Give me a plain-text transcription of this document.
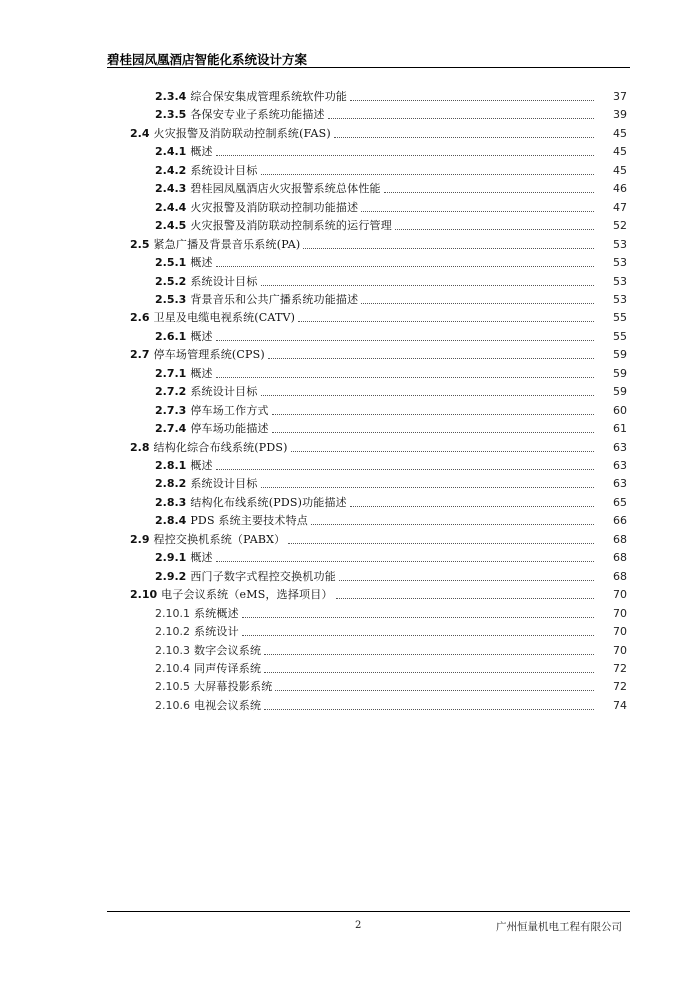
碧桂园凤凰酒店智能化系统设计方案
2.3.4 综合保安集成管理系统软件功能	37
2.3.5 各保安专业子系统功能描述	39
2.4 火灾报警及消防联动控制系统(FAS)	45
2.4.1 概述	45
2.4.2 系统设计目标	45
2.4.3 碧桂园凤凰酒店火灾报警系统总体性能	46
2.4.4 火灾报警及消防联动控制功能描述	47
2.4.5 火灾报警及消防联动控制系统的运行管理	52
2.5 紧急广播及背景音乐系统(PA)	53
2.5.1 概述	53
2.5.2 系统设计目标	53
2.5.3 背景音乐和公共广播系统功能描述	53
2.6 卫星及电缆电视系统(CATV)	55
2.6.1 概述	55
2.7 停车场管理系统(CPS)	59
2.7.1 概述	59
2.7.2 系统设计目标	59
2.7.3 停车场工作方式	60
2.7.4 停车场功能描述	61
2.8 结构化综合布线系统(PDS)	63
2.8.1 概述	63
2.8.2 系统设计目标	63
2.8.3 结构化布线系统(PDS)功能描述	65
2.8.4 PDS 系统主要技术特点	66
2.9 程控交换机系统（PABX）	68
2.9.1 概述	68
2.9.2 西门子数字式程控交换机功能	68
2.10 电子会议系统（eMS，选择项目）	70
2.10.1 系统概述	70
2.10.2 系统设计	70
2.10.3 数字会议系统	70
2.10.4 同声传译系统	72
2.10.5 大屏幕投影系统	72
2.10.6 电视会议系统	74
2	广州恒量机电工程有限公司
